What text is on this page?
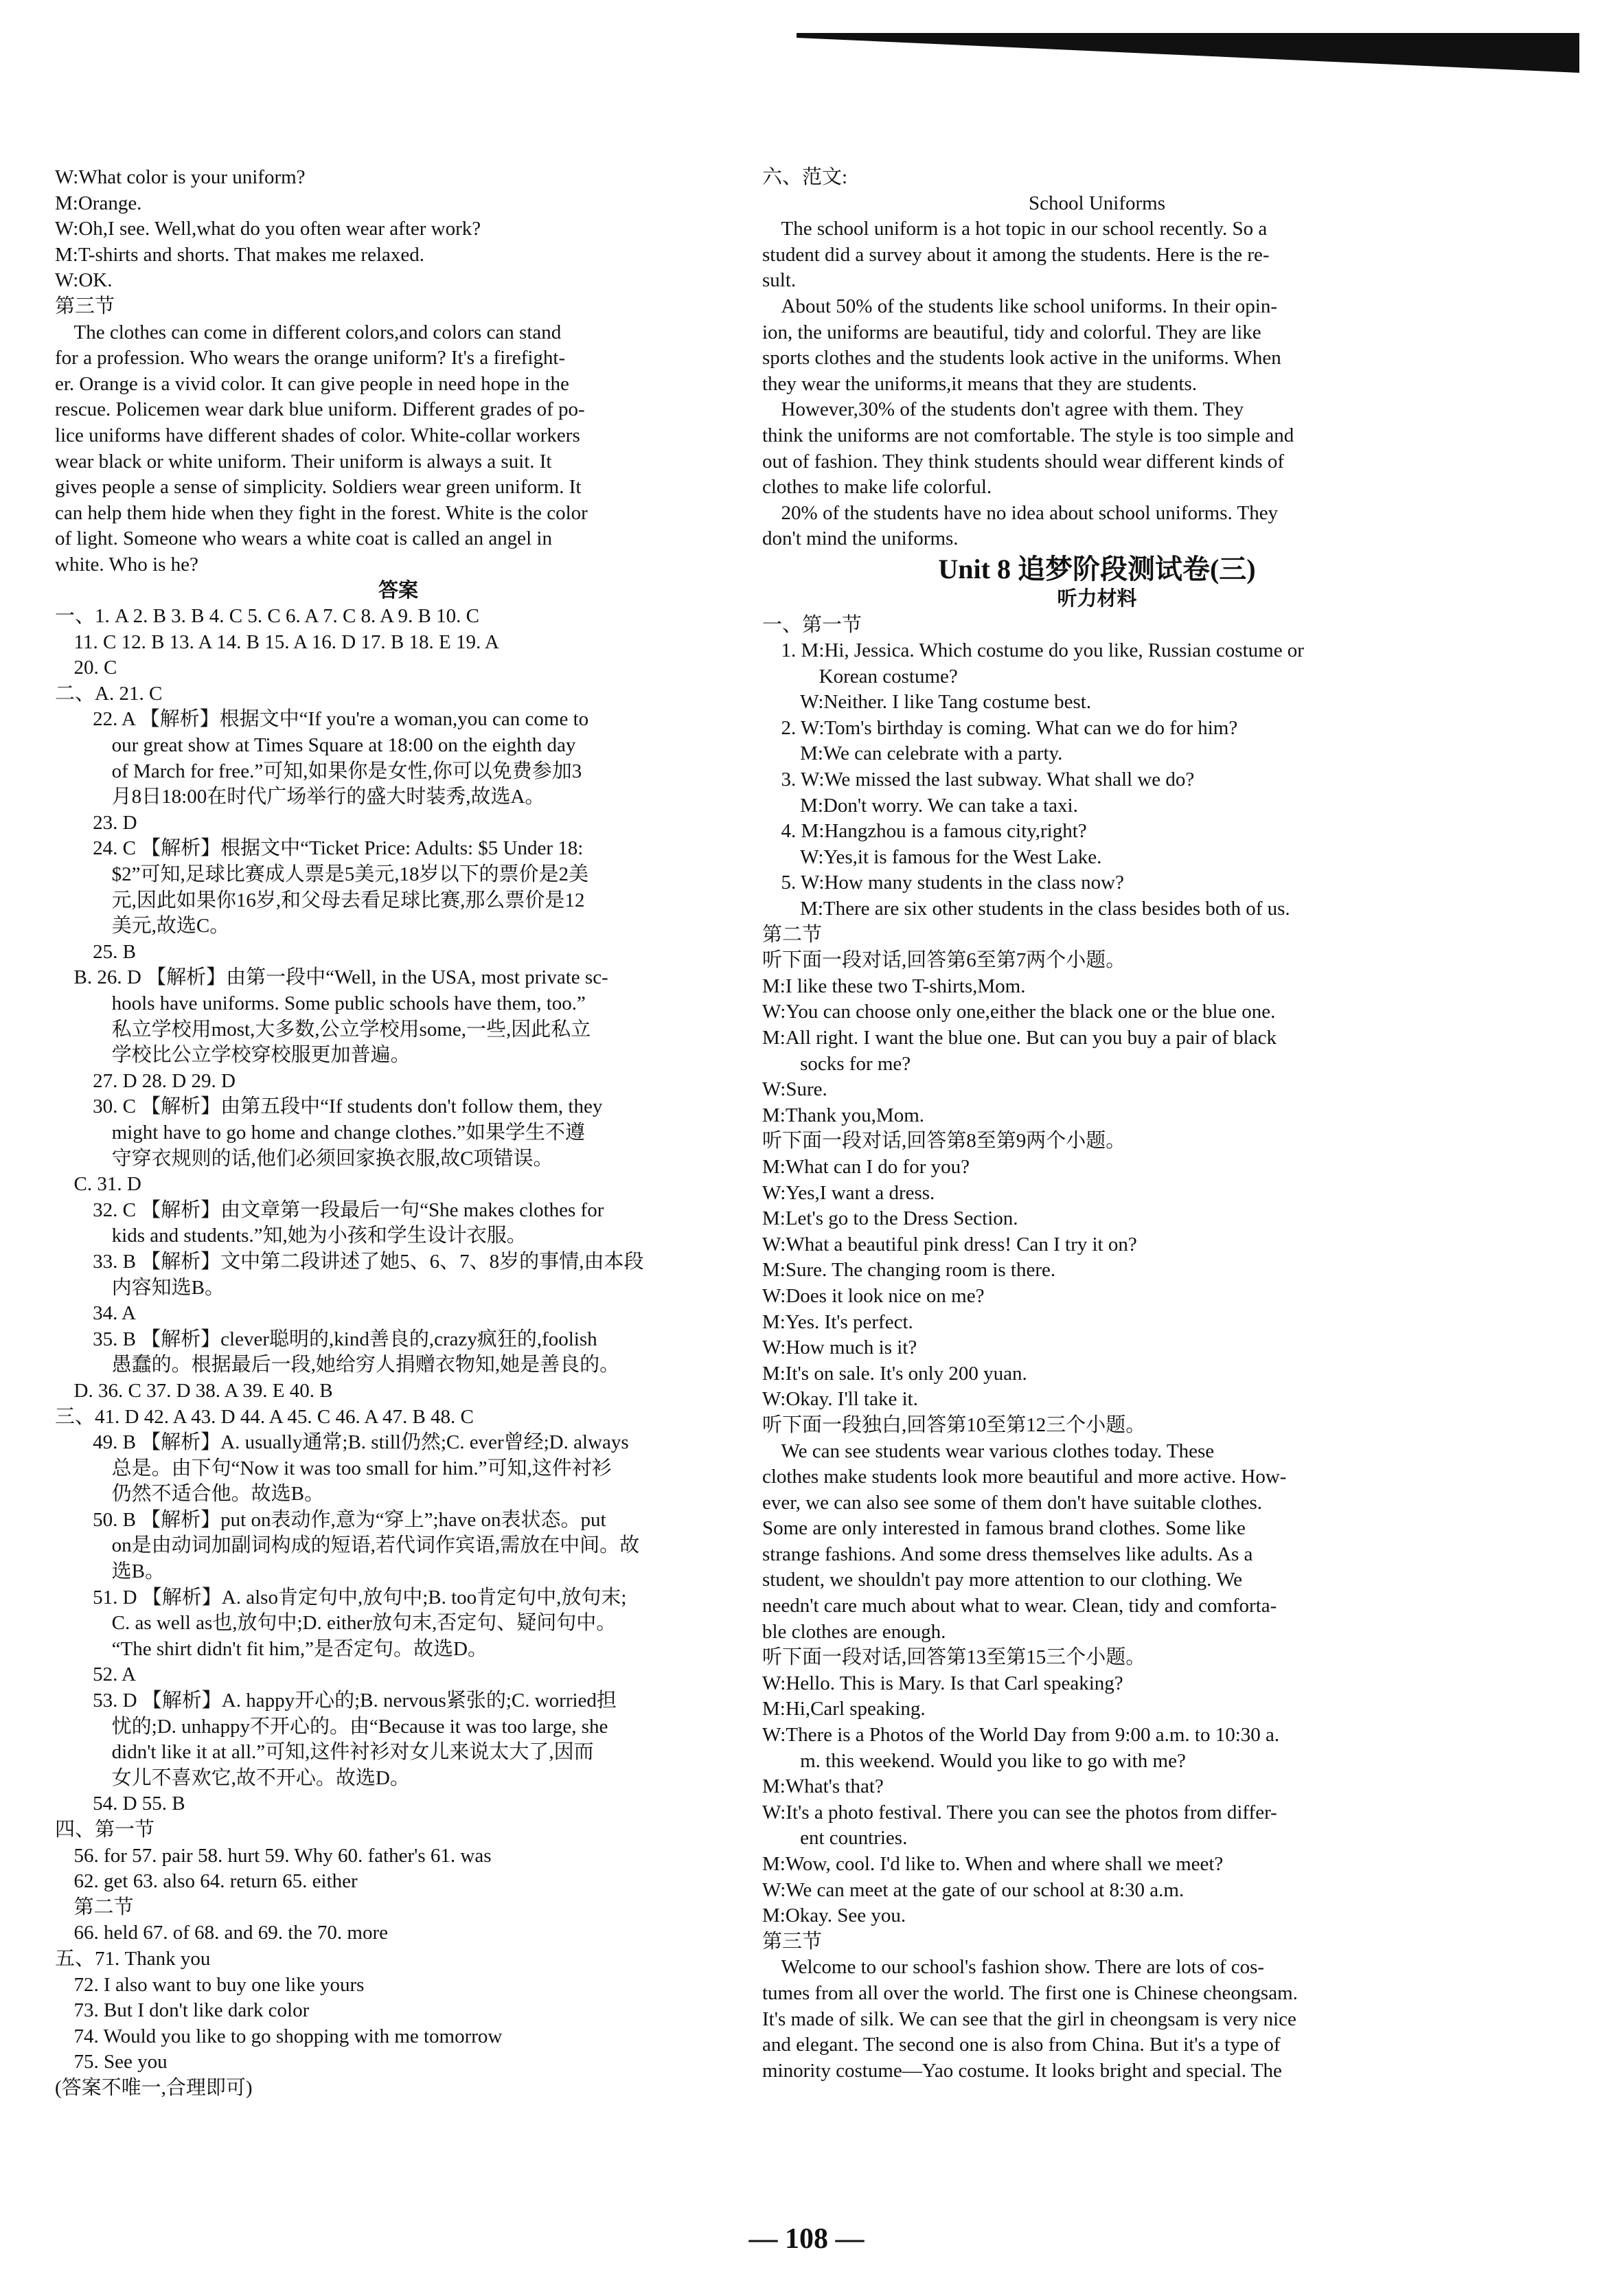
W:What color is your uniform?

M:Orange.

W:Oh,I see. Well,what do you often wear after work?

M:T-shirts and shorts. That makes me relaxed.

W:OK.

第三节

The clothes can come in different colors,and colors can stand

for a profession. Who wears the orange uniform? It's a firefight-

er. Orange is a vivid color. It can give people in need hope in the

rescue. Policemen wear dark blue uniform. Different grades of po-

lice uniforms have different shades of color. White-collar workers

wear black or white uniform. Their uniform is always a suit. It

gives people a sense of simplicity. Soldiers wear green uniform. It

can help them hide when they fight in the forest. White is the color

of light. Someone who wears a white coat is called an angel in

white. Who is he?

答案

一、1. A 2. B 3. B 4. C 5. C 6. A 7. C 8. A 9. B 10. C

11. C 12. B 13. A 14. B 15. A 16. D 17. B 18. E 19. A

20. C

二、A. 21. C

22. A 【解析】根据文中“If you're a woman,you can come to

our great show at Times Square at 18:00 on the eighth day

of March for free.”可知,如果你是女性,你可以免费参加3

月8日18:00在时代广场举行的盛大时装秀,故选A。

23. D

24. C 【解析】根据文中“Ticket Price: Adults: $5 Under 18:

$2”可知,足球比赛成人票是5美元,18岁以下的票价是2美

元,因此如果你16岁,和父母去看足球比赛,那么票价是12

美元,故选C。

25. B

B. 26. D 【解析】由第一段中“Well, in the USA, most private sc-

hools have uniforms. Some public schools have them, too.”

私立学校用most,大多数,公立学校用some,一些,因此私立

学校比公立学校穿校服更加普遍。

27. D 28. D 29. D

30. C 【解析】由第五段中“If students don't follow them, they

might have to go home and change clothes.”如果学生不遵

守穿衣规则的话,他们必须回家换衣服,故C项错误。

C. 31. D

32. C 【解析】由文章第一段最后一句“She makes clothes for

kids and students.”知,她为小孩和学生设计衣服。

33. B 【解析】文中第二段讲述了她5、6、7、8岁的事情,由本段

内容知选B。

34. A

35. B 【解析】clever聪明的,kind善良的,crazy疯狂的,foolish

愚蠢的。根据最后一段,她给穷人捐赠衣物知,她是善良的。

D. 36. C 37. D 38. A 39. E 40. B

三、41. D 42. A 43. D 44. A 45. C 46. A 47. B 48. C

49. B 【解析】A. usually通常;B. still仍然;C. ever曾经;D. always

总是。由下句“Now it was too small for him.”可知,这件衬衫

仍然不适合他。故选B。

50. B 【解析】put on表动作,意为“穿上”;have on表状态。put

on是由动词加副词构成的短语,若代词作宾语,需放在中间。故

选B。

51. D 【解析】A. also肯定句中,放句中;B. too肯定句中,放句末;

C. as well as也,放句中;D. either放句末,否定句、疑问句中。

“The shirt didn't fit him,”是否定句。故选D。

52. A

53. D 【解析】A. happy开心的;B. nervous紧张的;C. worried担

忧的;D. unhappy不开心的。由“Because it was too large, she

didn't like it at all.”可知,这件衬衫对女儿来说太大了,因而

女儿不喜欢它,故不开心。故选D。

54. D 55. B

四、第一节

56. for 57. pair 58. hurt 59. Why 60. father's 61. was

62. get 63. also 64. return 65. either

第二节

66. held 67. of 68. and 69. the 70. more

五、71. Thank you

72. I also want to buy one like yours

73. But I don't like dark color

74. Would you like to go shopping with me tomorrow

75. See you

(答案不唯一,合理即可)

六、范文:

School Uniforms

The school uniform is a hot topic in our school recently. So a

student did a survey about it among the students. Here is the re-

sult.

About 50% of the students like school uniforms. In their opin-

ion, the uniforms are beautiful, tidy and colorful. They are like

sports clothes and the students look active in the uniforms. When

they wear the uniforms,it means that they are students.

However,30% of the students don't agree with them. They

think the uniforms are not comfortable. The style is too simple and

out of fashion. They think students should wear different kinds of

clothes to make life colorful.

20% of the students have no idea about school uniforms. They

don't mind the uniforms.

Unit 8 追梦阶段测试卷(三)

听力材料

一、第一节

1. M:Hi, Jessica. Which costume do you like, Russian costume or

Korean costume?

W:Neither. I like Tang costume best.

2. W:Tom's birthday is coming. What can we do for him?

M:We can celebrate with a party.

3. W:We missed the last subway. What shall we do?

M:Don't worry. We can take a taxi.

4. M:Hangzhou is a famous city,right?

W:Yes,it is famous for the West Lake.

5. W:How many students in the class now?

M:There are six other students in the class besides both of us.

第二节

听下面一段对话,回答第6至第7两个小题。

M:I like these two T-shirts,Mom.

W:You can choose only one,either the black one or the blue one.

M:All right. I want the blue one. But can you buy a pair of black

socks for me?

W:Sure.

M:Thank you,Mom.

听下面一段对话,回答第8至第9两个小题。

M:What can I do for you?

W:Yes,I want a dress.

M:Let's go to the Dress Section.

W:What a beautiful pink dress! Can I try it on?

M:Sure. The changing room is there.

W:Does it look nice on me?

M:Yes. It's perfect.

W:How much is it?

M:It's on sale. It's only 200 yuan.

W:Okay. I'll take it.

听下面一段独白,回答第10至第12三个小题。

We can see students wear various clothes today. These

clothes make students look more beautiful and more active. How-

ever, we can also see some of them don't have suitable clothes.

Some are only interested in famous brand clothes. Some like

strange fashions. And some dress themselves like adults. As a

student, we shouldn't pay more attention to our clothing. We

needn't care much about what to wear. Clean, tidy and comforta-

ble clothes are enough.

听下面一段对话,回答第13至第15三个小题。

W:Hello. This is Mary. Is that Carl speaking?

M:Hi,Carl speaking.

W:There is a Photos of the World Day from 9:00 a.m. to 10:30 a.

m. this weekend. Would you like to go with me?

M:What's that?

W:It's a photo festival. There you can see the photos from differ-

ent countries.

M:Wow, cool. I'd like to. When and where shall we meet?

W:We can meet at the gate of our school at 8:30 a.m.

M:Okay. See you.

第三节

Welcome to our school's fashion show. There are lots of cos-

tumes from all over the world. The first one is Chinese cheongsam.

It's made of silk. We can see that the girl in cheongsam is very nice

and elegant. The second one is also from China. But it's a type of

minority costume—Yao costume. It looks bright and special. The

— 108 —
